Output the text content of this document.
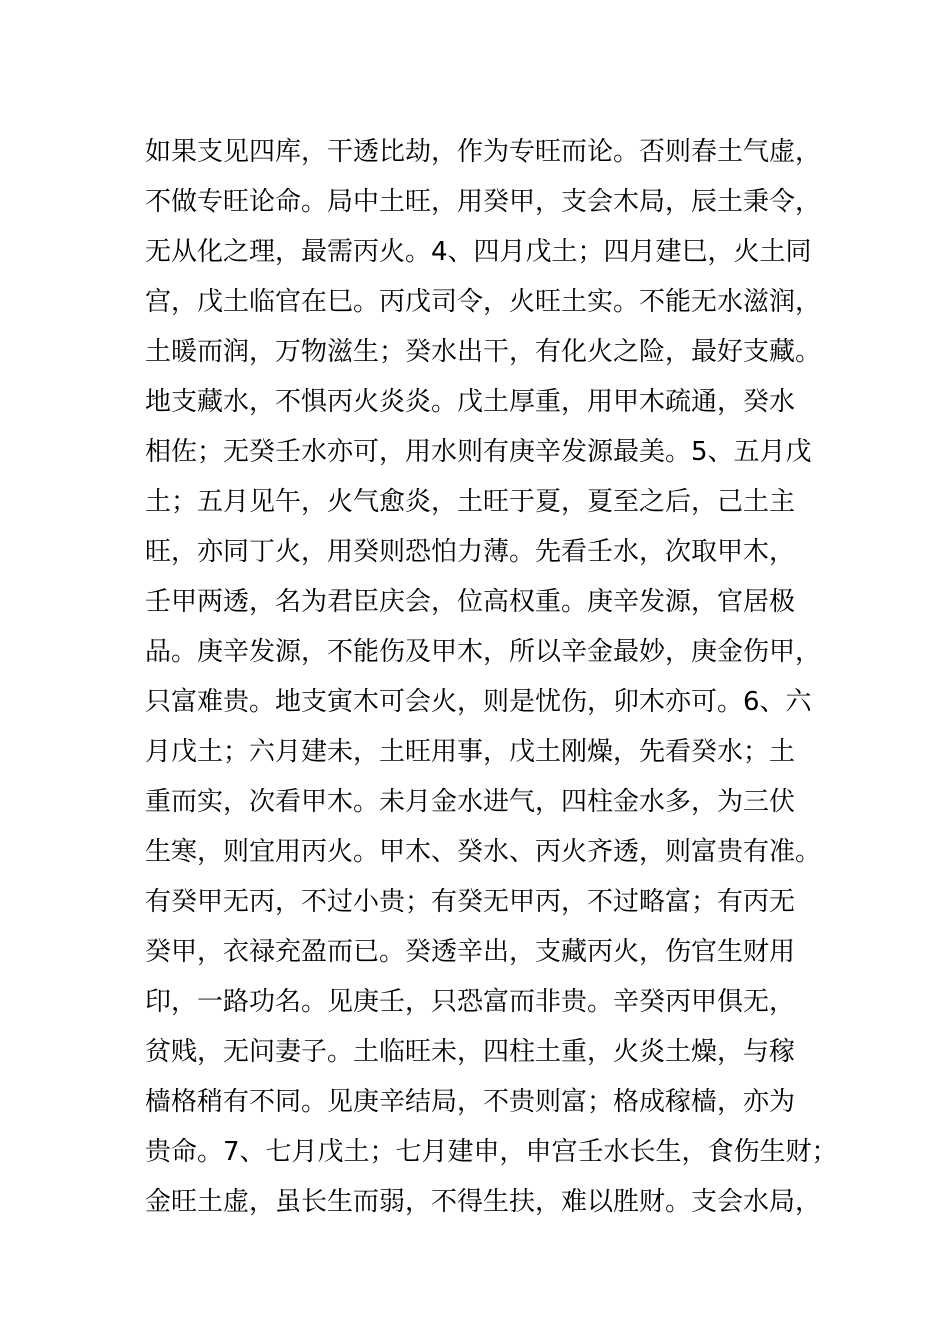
如果支见四库，干透比劫，作为专旺而论。否则春土气虚，
不做专旺论命。局中土旺，用癸甲，支会木局，辰土秉令，
无从化之理，最需丙火。4、四月戊土；四月建巳，火土同
宫，戊土临官在巳。丙戊司令，火旺土实。不能无水滋润，
土暖而润，万物滋生；癸水出干，有化火之险，最好支藏。
地支藏水，不惧丙火炎炎。戊土厚重，用甲木疏通，癸水
相佐；无癸壬水亦可，用水则有庚辛发源最美。5、五月戊
土；五月见午，火气愈炎，土旺于夏，夏至之后，己土主
旺，亦同丁火，用癸则恐怕力薄。先看壬水，次取甲木，
壬甲两透，名为君臣庆会，位高权重。庚辛发源，官居极
品。庚辛发源，不能伤及甲木，所以辛金最妙，庚金伤甲，
只富难贵。地支寅木可会火，则是忧伤，卯木亦可。6、六
月戊土；六月建未，土旺用事，戊土刚燥，先看癸水；土
重而实，次看甲木。未月金水进气，四柱金水多，为三伏
生寒，则宜用丙火。甲木、癸水、丙火齐透，则富贵有准。
有癸甲无丙，不过小贵；有癸无甲丙，不过略富；有丙无
癸甲，衣禄充盈而已。癸透辛出，支藏丙火，伤官生财用
印，一路功名。见庚壬，只恐富而非贵。辛癸丙甲俱无，
贫贱，无问妻子。土临旺未，四柱土重，火炎土燥，与稼
樯格稍有不同。见庚辛结局，不贵则富；格成稼樯，亦为
贵命。7、七月戊土；七月建申，申宫壬水长生，食伤生财；
金旺土虚，虽长生而弱，不得生扶，难以胜财。支会水局，
